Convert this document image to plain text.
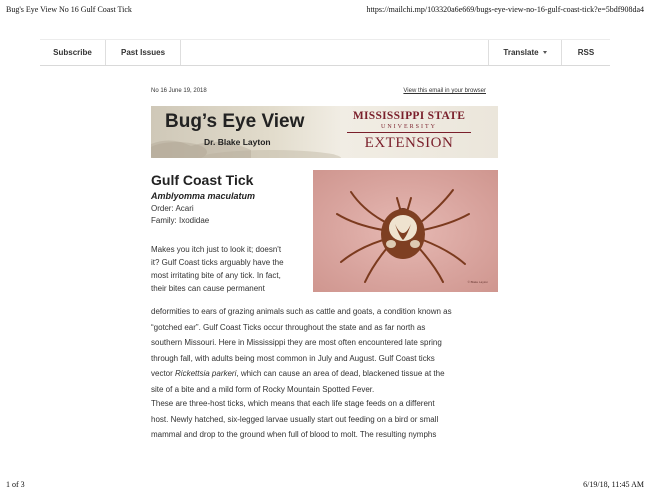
Bug's Eye View No 16 Gulf Coast Tick	https://mailchi.mp/103320a6e669/bugs-eye-view-no-16-gulf-coast-tick?e=5bdf908da4
Subscribe	Past Issues	Translate	RSS
No 16 June 19, 2018	View this email in your browser
Bug’s Eye View
Dr. Blake Layton
MISSISSIPPI STATE
UNIVERSITY
EXTENSION
© Blake Layton
Gulf Coast Tick
Amblyomma maculatum
Order: Acari
Family: Ixodidae
Makes you itch just to look it; doesn't
it? Gulf Coast ticks arguably have the
most irritating bite of any tick. In fact,
their bites can cause permanent
deformities to ears of grazing animals such as cattle and goats, a condition known as
“gotched ear”. Gulf Coast Ticks occur throughout the state and as far north as
southern Missouri. Here in Mississippi they are most often encountered late spring
through fall, with adults being most common in July and August. Gulf Coast ticks
vector Rickettsia parkeri, which can cause an area of dead, blackened tissue at the
site of a bite and a mild form of Rocky Mountain Spotted Fever.
These are three-host ticks, which means that each life stage feeds on a different
host. Newly hatched, six-legged larvae usually start out feeding on a bird or small
mammal and drop to the ground when full of blood to molt. The resulting nymphs
1 of 3	6/19/18, 11:45 AM
